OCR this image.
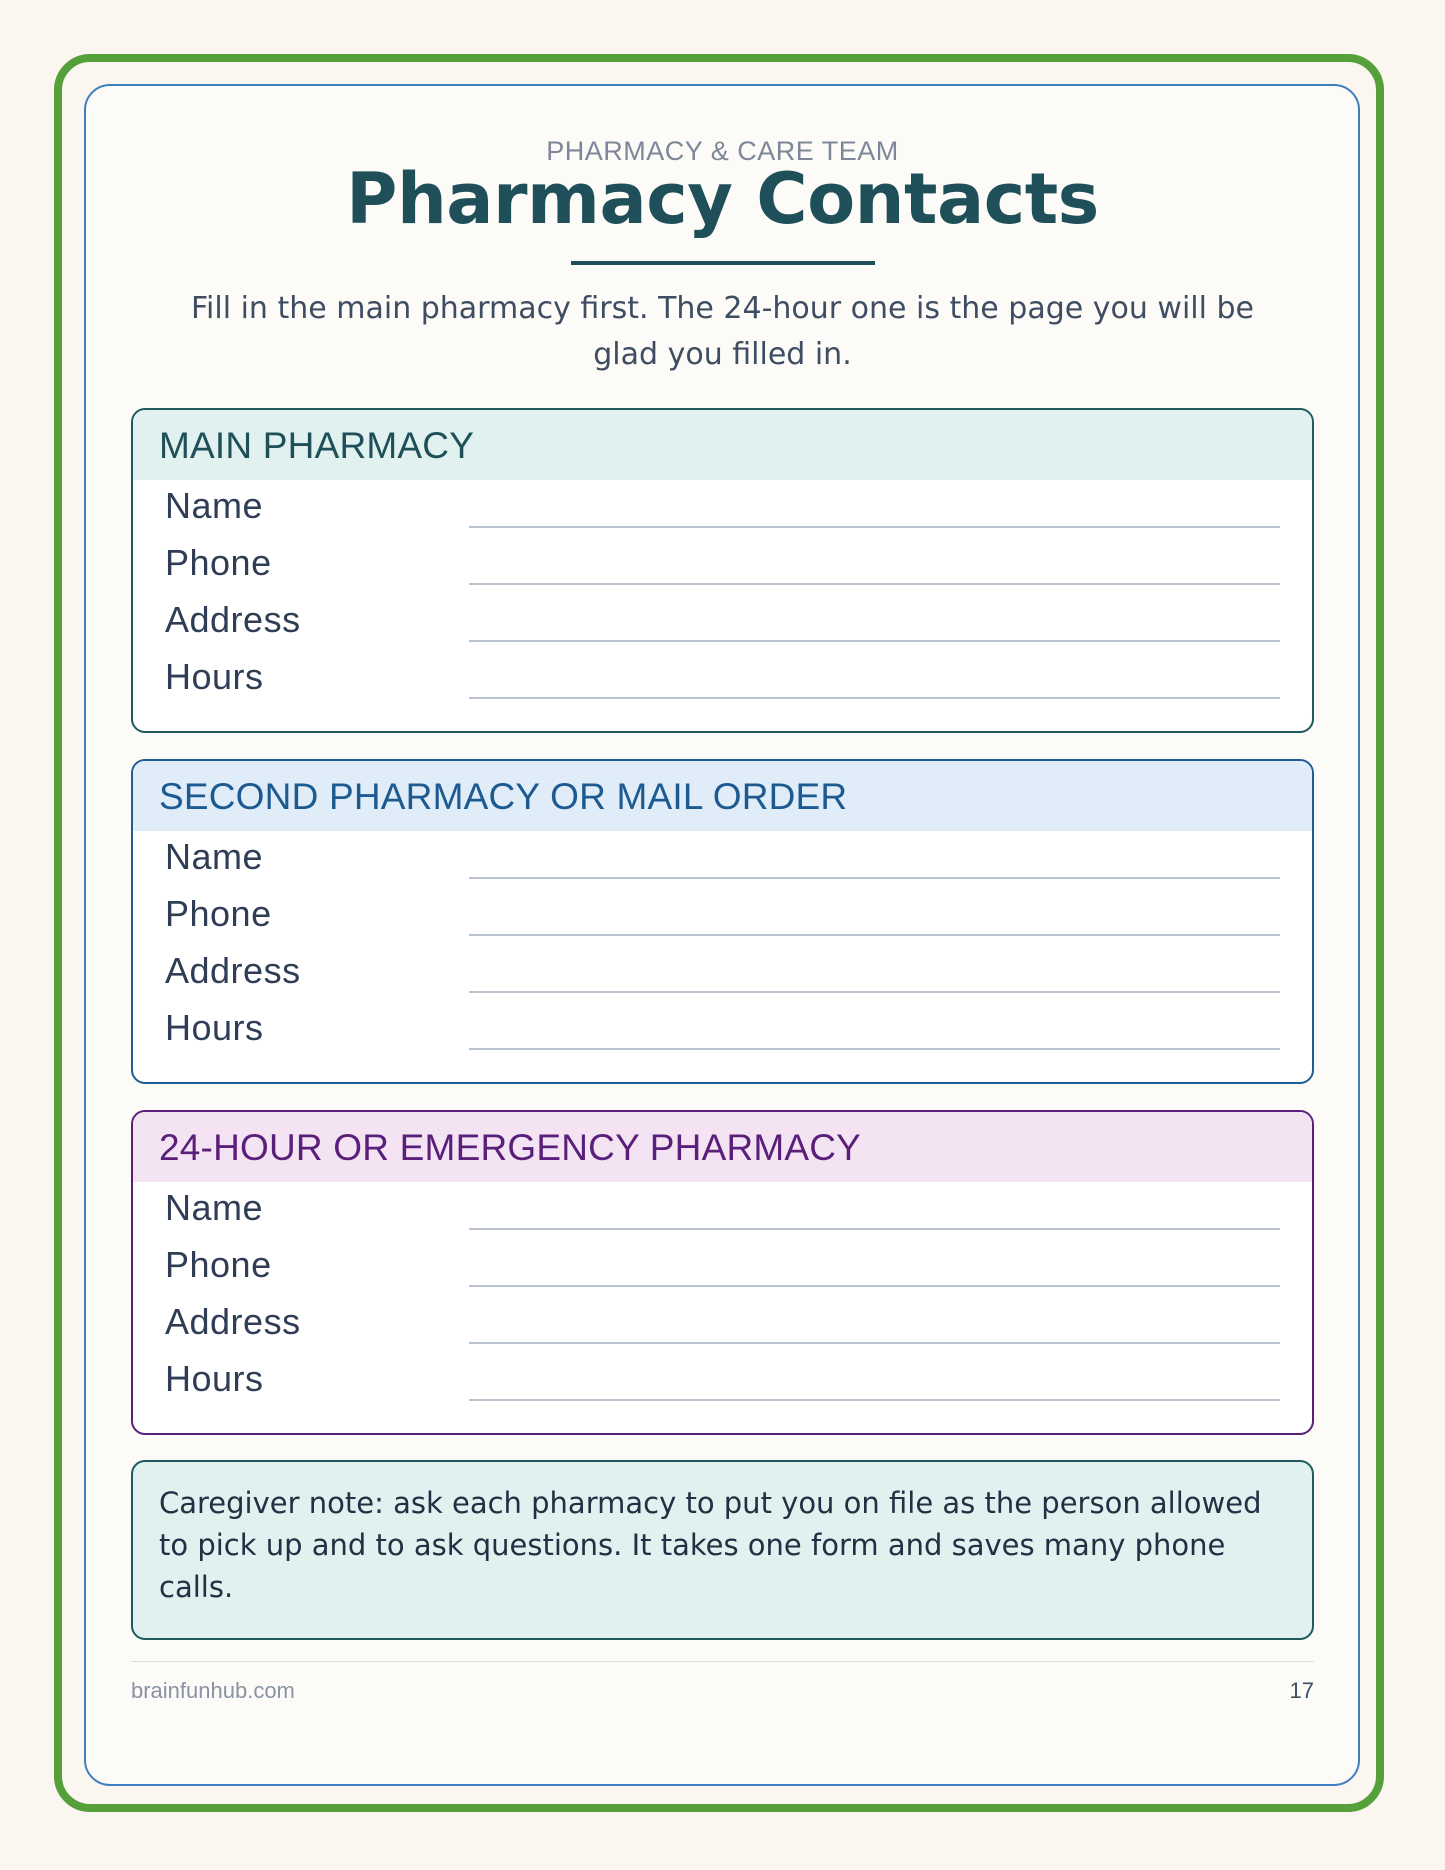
PHARMACY & CARE TEAM
Pharmacy Contacts
Fill in the main pharmacy first. The 24-hour one is the page you will be glad you filled in.
MAIN PHARMACY
Name
Phone
Address
Hours
SECOND PHARMACY OR MAIL ORDER
Name
Phone
Address
Hours
24-HOUR OR EMERGENCY PHARMACY
Name
Phone
Address
Hours
Caregiver note: ask each pharmacy to put you on file as the person allowed to pick up and to ask questions. It takes one form and saves many phone calls.
brainfunhub.com	17
